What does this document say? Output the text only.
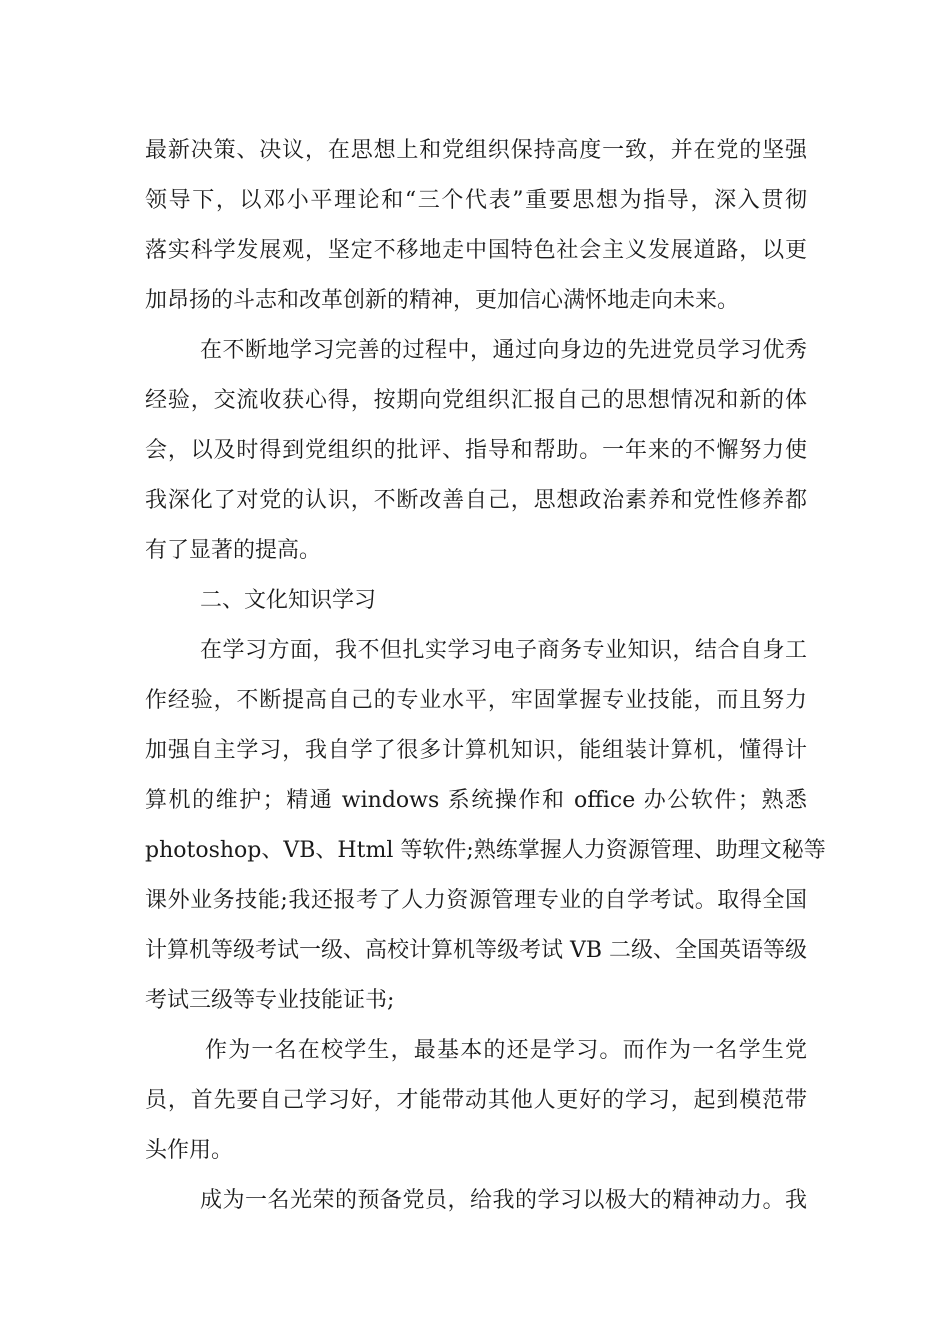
最新决策、决议，在思想上和党组织保持高度一致，并在党的坚强
领导下，以邓小平理论和“三个代表”重要思想为指导，深入贯彻
落实科学发展观，坚定不移地走中国特色社会主义发展道路，以更
加昂扬的斗志和改革创新的精神，更加信心满怀地走向未来。
在不断地学习完善的过程中，通过向身边的先进党员学习优秀
经验，交流收获心得，按期向党组织汇报自己的思想情况和新的体
会，以及时得到党组织的批评、指导和帮助。一年来的不懈努力使
我深化了对党的认识，不断改善自己，思想政治素养和党性修养都
有了显著的提高。
二、文化知识学习
在学习方面，我不但扎实学习电子商务专业知识，结合自身工
作经验，不断提高自己的专业水平，牢固掌握专业技能，而且努力
加强自主学习，我自学了很多计算机知识，能组装计算机，懂得计
算机的维护；精通 windows 系统操作和 office 办公软件；熟悉
photoshop、VB、Html 等软件;熟练掌握人力资源管理、助理文秘等
课外业务技能;我还报考了人力资源管理专业的自学考试。取得全国
计算机等级考试一级、高校计算机等级考试 VB 二级、全国英语等级
考试三级等专业技能证书;
作为一名在校学生，最基本的还是学习。而作为一名学生党
员，首先要自己学习好，才能带动其他人更好的学习，起到模范带
头作用。
成为一名光荣的预备党员，给我的学习以极大的精神动力。我
